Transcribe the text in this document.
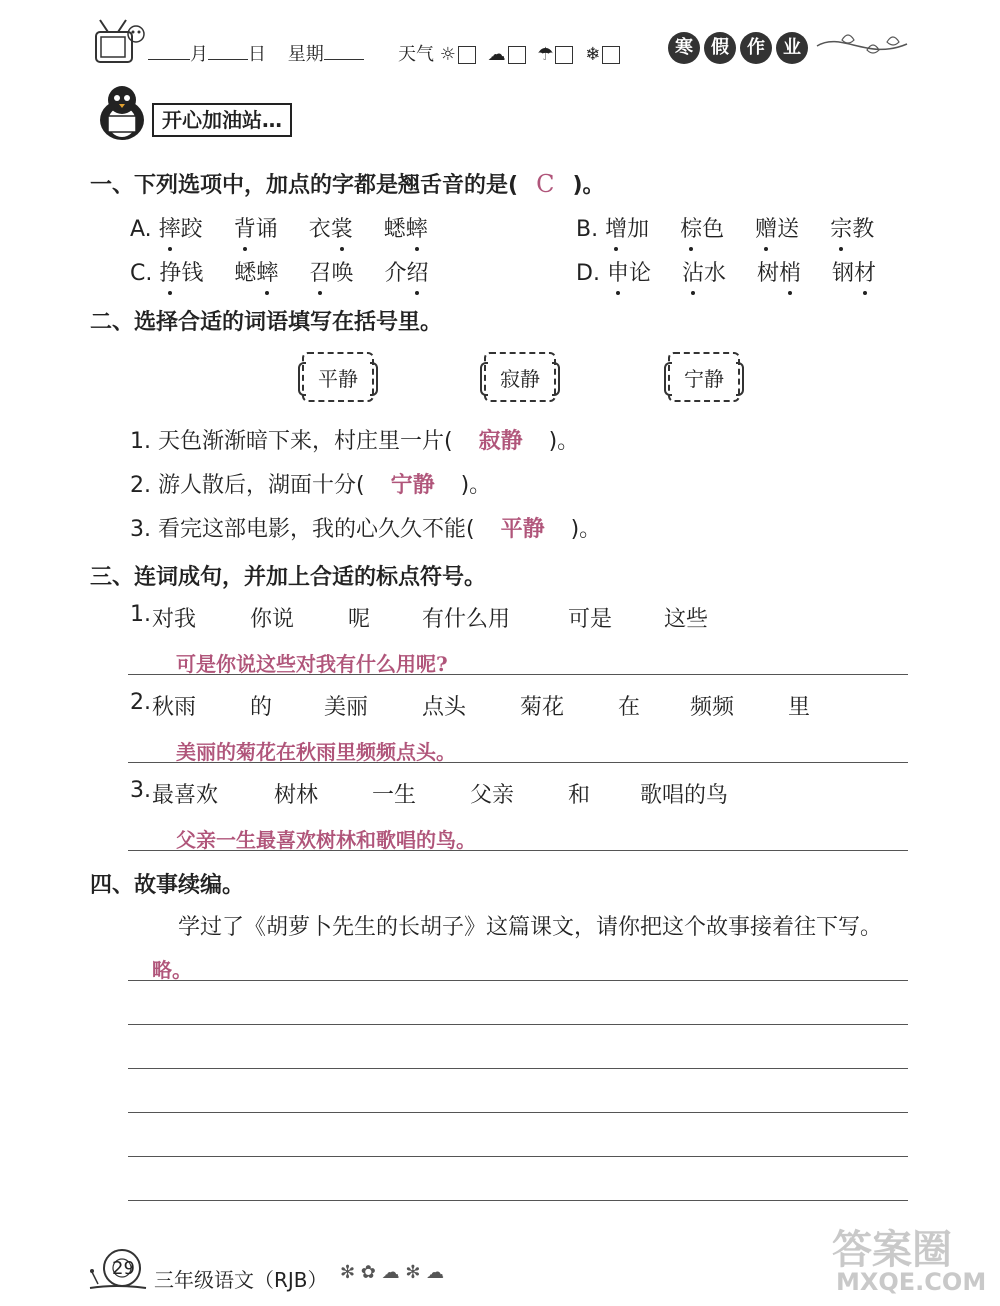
月 日 星期	天气 ☼ ☁ ☂ ❄	寒 假 作 业
开心加油站…
一、下列选项中，加点的字都是翘舌音的是( C )。
A. 摔跤 背诵 衣裳 蟋蟀	B. 增加 棕色 赠送 宗教
C. 挣钱 蟋蟀 召唤 介绍	D. 申论 沾水 树梢 钢材
二、选择合适的词语填写在括号里。
平静	寂静	宁静
1. 天色渐渐暗下来，村庄里一片( 寂静 )。
2. 游人散后，湖面十分( 宁静 )。
3. 看完这部电影，我的心久久不能( 平静 )。
三、连词成句，并加上合适的标点符号。
1. 对我 你说 呢 有什么用	可是 这些
可是你说这些对我有什么用呢?
2. 秋雨 的 美丽 点头 菊花 在 频频 里
美丽的菊花在秋雨里频频点头。
3. 最喜欢	树林 一生 父亲 和 歌唱的鸟
父亲一生最喜欢树林和歌唱的鸟。
四、故事续编。
学过了《胡萝卜先生的长胡子》这篇课文，请你把这个故事接着往下写。
略。
29 三年级语文（RJB） ✻ ✿ ☁ ✻ ☁	答案圈
MXQE.COM
